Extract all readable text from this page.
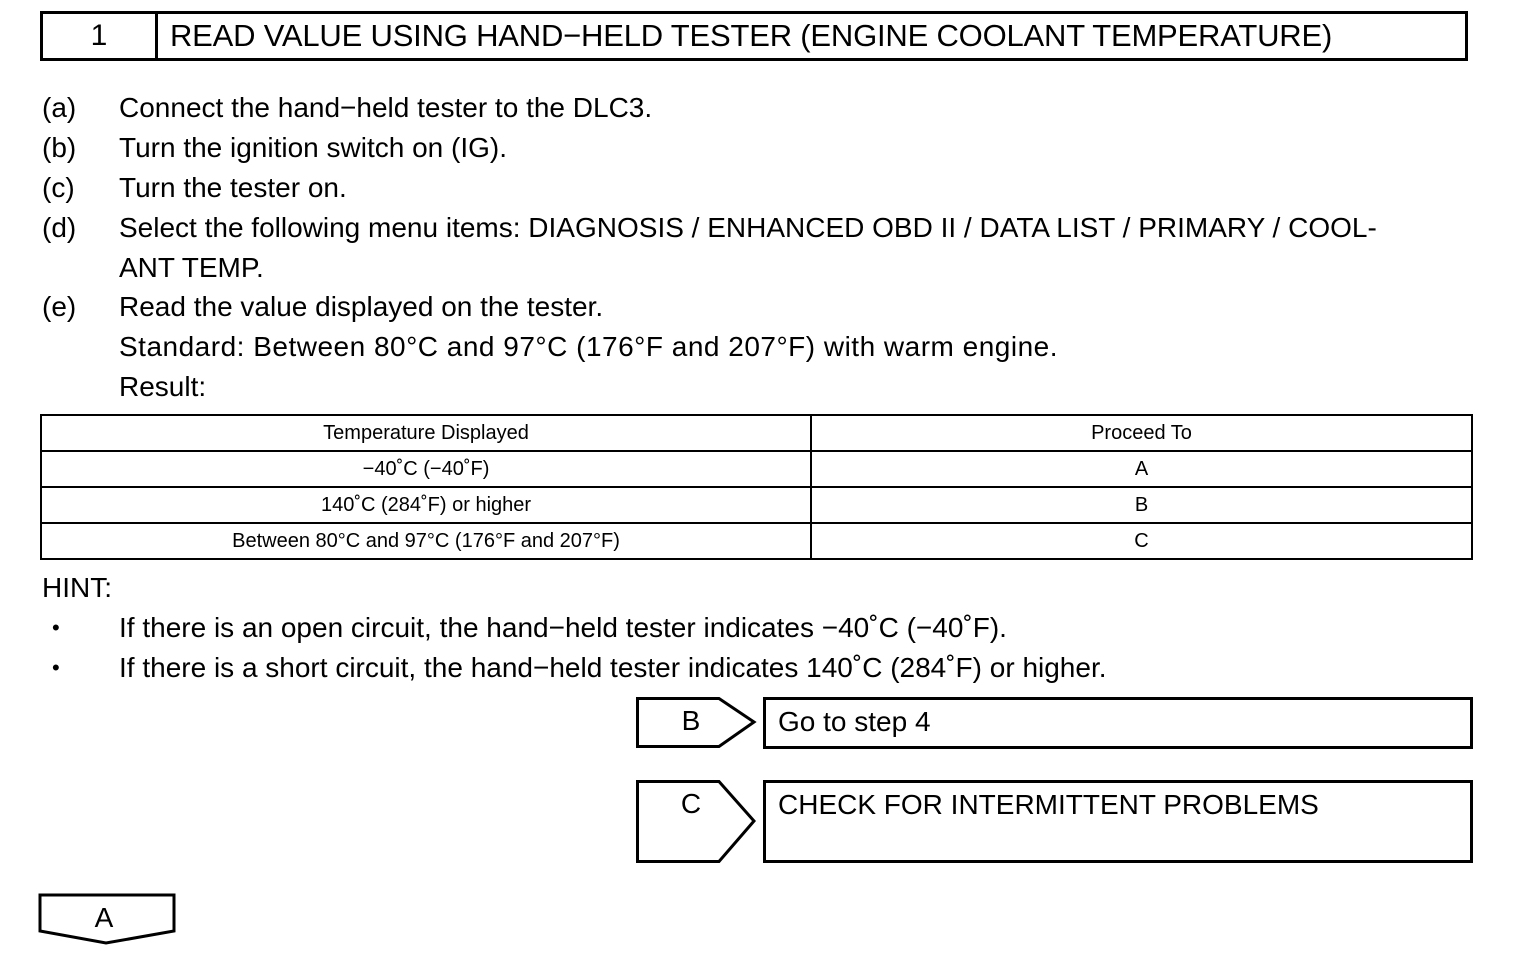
1	READ VALUE USING HAND−HELD TESTER (ENGINE COOLANT TEMPERATURE)
(a)	Connect the hand−held tester to the DLC3.
(b)	Turn the ignition switch on (IG).
(c)	Turn the tester on.
(d)	Select the following menu items: DIAGNOSIS / ENHANCED OBD II / DATA LIST / PRIMARY / COOL-
ANT TEMP.
(e)	Read the value displayed on the tester.
Standard: Between 80°C and 97°C (176°F and 207°F) with warm engine.
Result:
Temperature Displayed	Proceed To
−40˚C (−40˚F)	A
140˚C (284˚F) or higher	B
Between 80°C and 97°C (176°F and 207°F)	C
HINT:
• If there is an open circuit, the hand−held tester indicates −40˚C (−40˚F).
• If there is a short circuit, the hand−held tester indicates 140˚C (284˚F) or higher.
B	Go to step 4
C	CHECK FOR INTERMITTENT PROBLEMS
A
